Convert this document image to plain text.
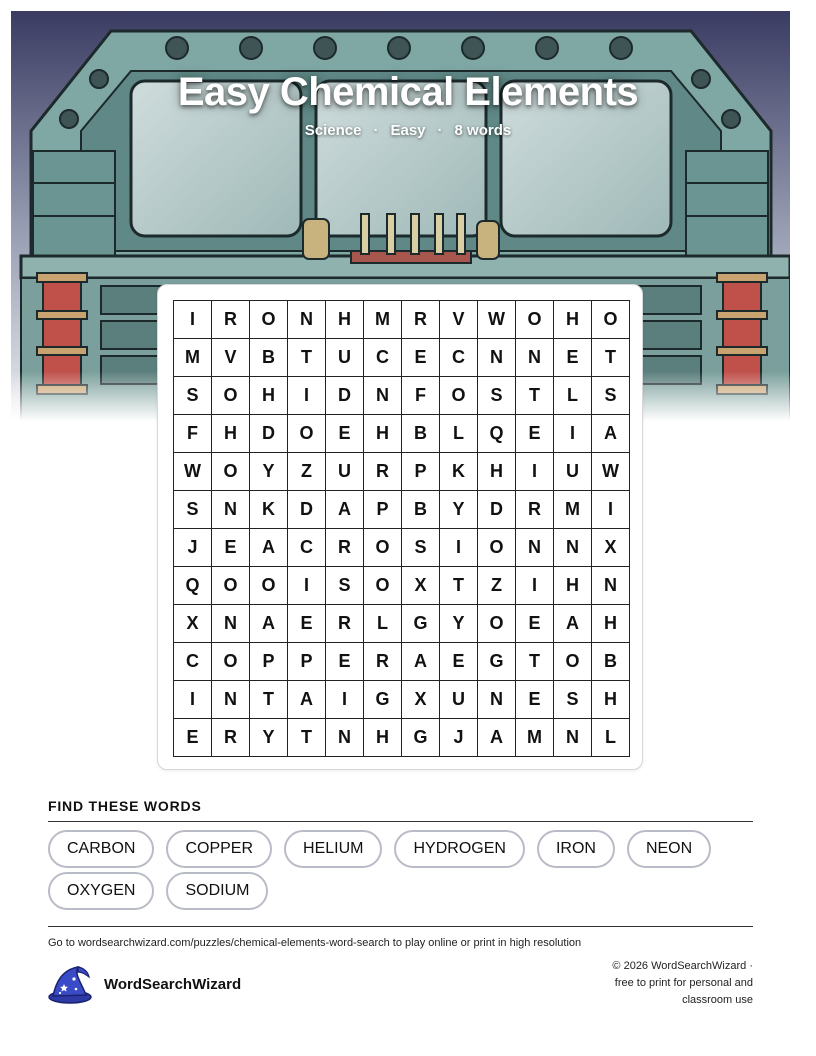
Easy Chemical Elements
Science · Easy · 8 words
I	R	O	N	H	M	R	V	W	O	H	O
M	V	B	T	U	C	E	C	N	N	E	T
S	O	H	I	D	N	F	O	S	T	L	S
F	H	D	O	E	H	B	L	Q	E	I	A
W	O	Y	Z	U	R	P	K	H	I	U	W
S	N	K	D	A	P	B	Y	D	R	M	I
J	E	A	C	R	O	S	I	O	N	N	X
Q	O	O	I	S	O	X	T	Z	I	H	N
X	N	A	E	R	L	G	Y	O	E	A	H
C	O	P	P	E	R	A	E	G	T	O	B
I	N	T	A	I	G	X	U	N	E	S	H
E	R	Y	T	N	H	G	J	A	M	N	L
FIND THESE WORDS
CARBON	COPPER	HELIUM	HYDROGEN	IRON	NEON
OXYGEN	SODIUM
Go to wordsearchwizard.com/puzzles/chemical-elements-word-search to play online or print in high resolution
WordSearchWizard
© 2026 WordSearchWizard ·
free to print for personal and
classroom use
